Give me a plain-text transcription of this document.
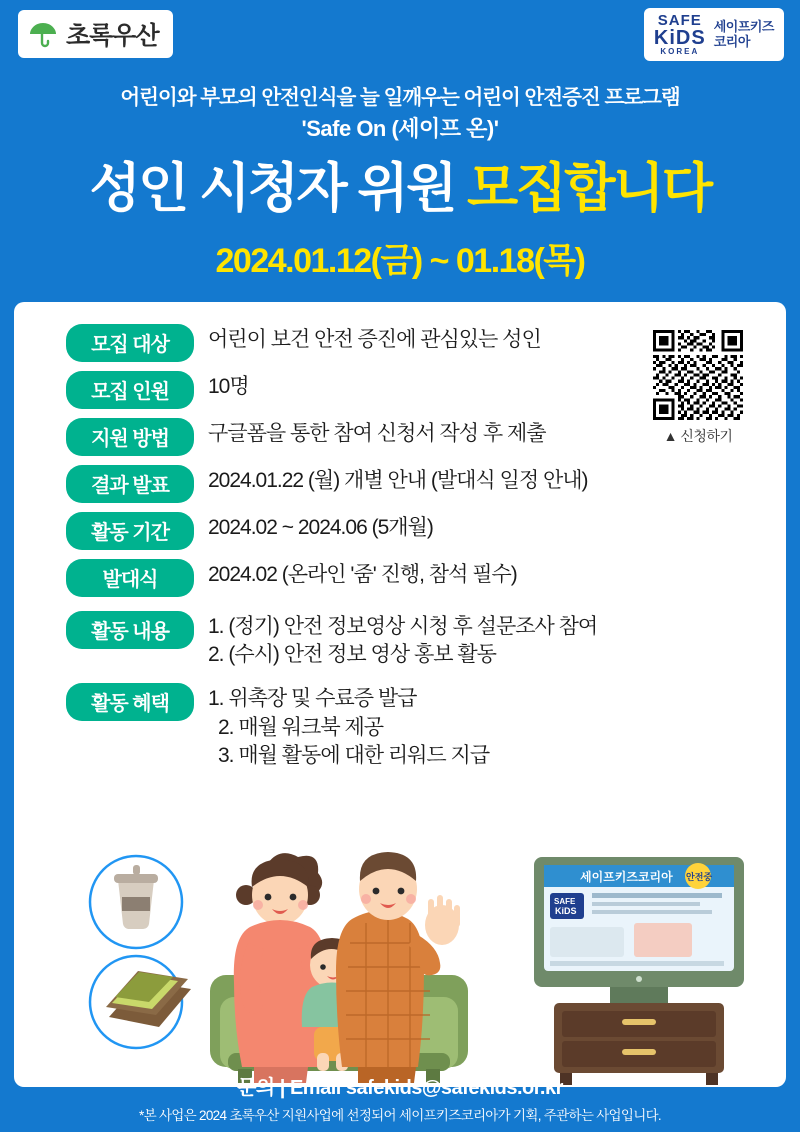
초록우산
SAFE
KiDS
KOREA
세이프키즈
코리아
어린이와 부모의 안전인식을 늘 일깨우는 어린이 안전증진 프로그램
'Safe On (세이프 온)'
성인 시청자 위원 모집합니다
2024.01.12(금) ~ 01.18(목)
모집 대상	어린이 보건 안전 증진에 관심있는 성인
모집 인원	10명
지원 방법	구글폼을 통한 참여 신청서 작성 후 제출
결과 발표	2024.01.22 (월) 개별 안내 (발대식 일정 안내)
활동 기간	2024.02 ~ 2024.06 (5개월)
발대식	2024.02 (온라인 '줌' 진행, 참석 필수)
활동 내용	1. (정기) 안전 정보영상 시청 후 설문조사 참여
2. (수시) 안전 정보 영상 홍보 활동
활동 혜택	1. 위촉장 및 수료증 발급
2. 매월 워크북 제공
3. 매월 활동에 대한 리워드 지급
▲ 신청하기
세이프키즈코리아 안전중
SAFE
KiDS
문의 | Email safekids@safekids.or.kr
*본 사업은 2024 초록우산 지원사업에 선정되어 세이프키즈코리아가 기획, 주관하는 사업입니다.
